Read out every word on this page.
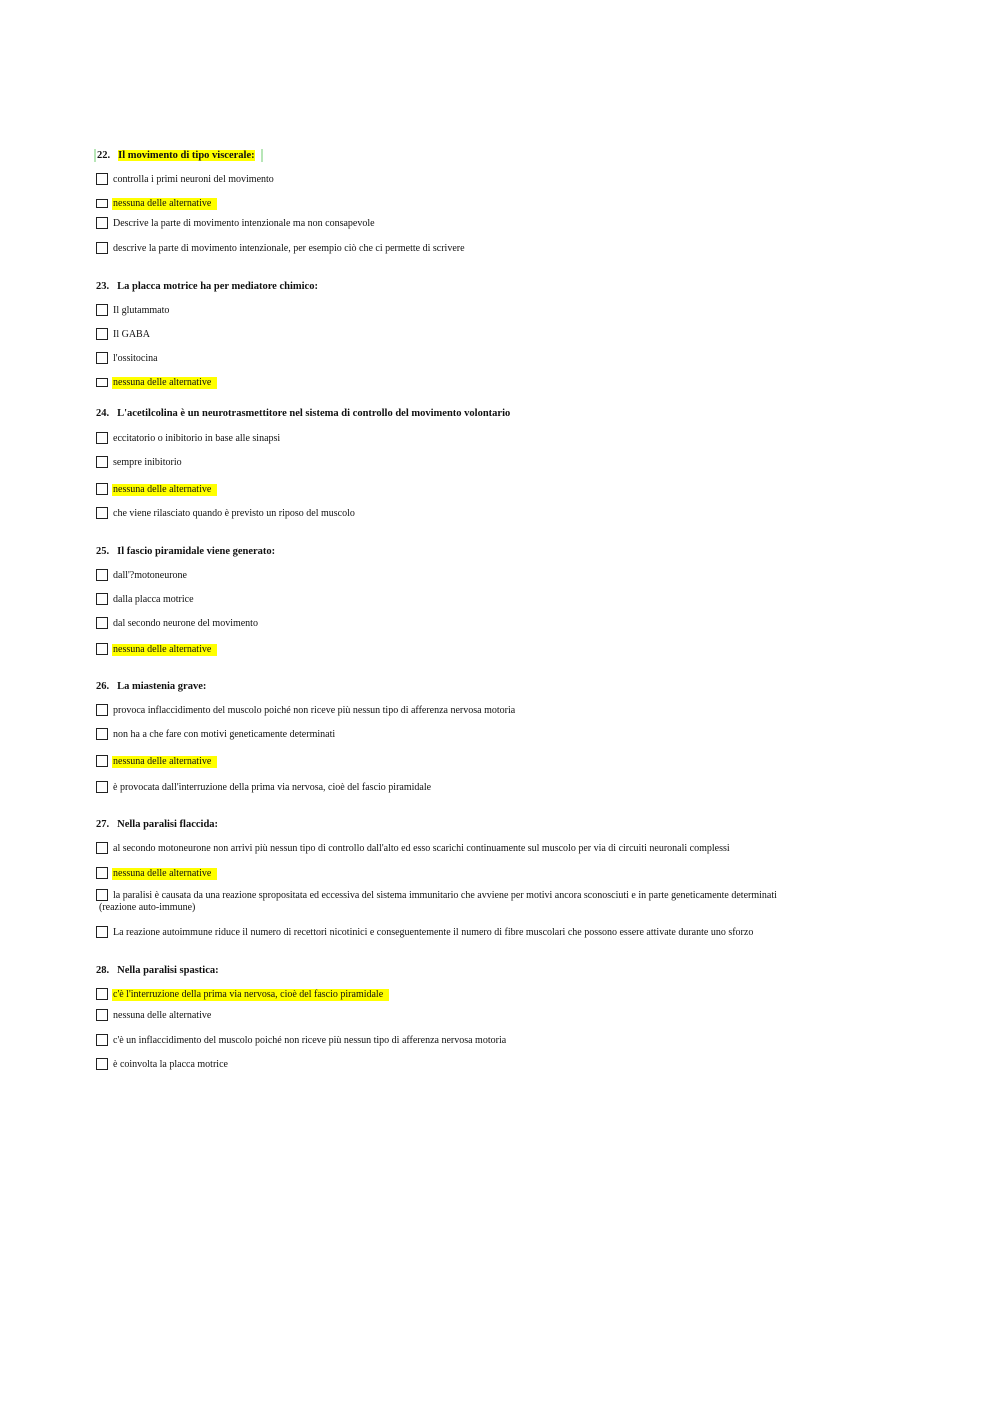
22. Il movimento di tipo viscerale:
controlla i primi neuroni del movimento
nessuna delle alternative
Descrive la parte di movimento intenzionale ma non consapevole
descrive la parte di movimento intenzionale, per esempio ciò che ci permette di scrivere
23. La placca motrice ha per mediatore chimico:
Il glutammato
Il GABA
l'ossitocina
nessuna delle alternative
24. L'acetilcolina è un neurotrasmettitore nel sistema di controllo del movimento volontario
eccitatorio o inibitorio in base alle sinapsi
sempre inibitorio
nessuna delle alternative
che viene rilasciato quando è previsto un riposo del muscolo
25. Il fascio piramidale viene generato:
dall'?motoneurone
dalla placca motrice
dal secondo neurone del movimento
nessuna delle alternative
26. La miastenia grave:
provoca inflaccidimento del muscolo poiché non riceve più nessun tipo di afferenza nervosa motoria
non ha a che fare con motivi geneticamente determinati
nessuna delle alternative
è provocata dall'interruzione della prima via nervosa, cioè del fascio piramidale
27. Nella paralisi flaccida:
al secondo motoneurone non arrivi più nessun tipo di controllo dall'alto ed esso scarichi continuamente sul muscolo per via di circuiti neuronali complessi
nessuna delle alternative
la paralisi è causata da una reazione spropositata ed eccessiva del sistema immunitario che avviene per motivi ancora sconosciuti e in parte geneticamente determinati
(reazione auto-immune)
La reazione autoimmune riduce il numero di recettori nicotinici e conseguentemente il numero di fibre muscolari che possono essere attivate durante uno sforzo
28. Nella paralisi spastica:
c'è l'interruzione della prima via nervosa, cioè del fascio piramidale
nessuna delle alternative
c'è un inflaccidimento del muscolo poiché non riceve più nessun tipo di afferenza nervosa motoria
è coinvolta la placca motrice
